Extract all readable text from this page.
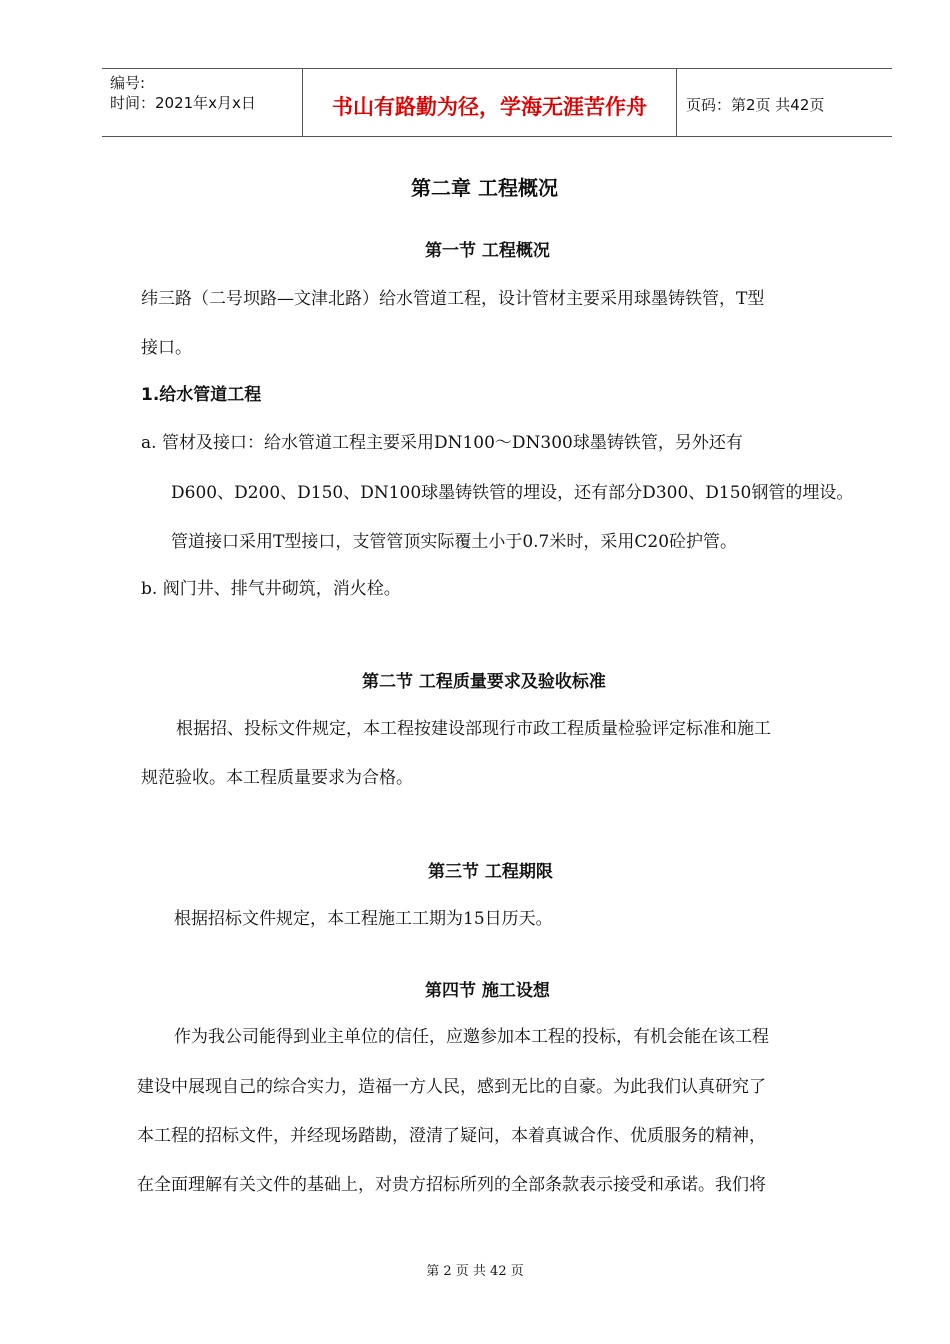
编号:
时间：2021年x月x日	书山有路勤为径，学海无涯苦作舟	页码：第2页 共42页
第二章 工程概况
第一节 工程概况
纬三路（二号坝路—文津北路）给水管道工程，设计管材主要采用球墨铸铁管，T型
接口。
1.给水管道工程
a. 管材及接口：给水管道工程主要采用DN100～DN300球墨铸铁管，另外还有
D600、D200、D150、DN100球墨铸铁管的埋设，还有部分D300、D150钢管的埋设。
管道接口采用T型接口，支管管顶实际覆土小于0.7米时，采用C20砼护管。
b. 阀门井、排气井砌筑，消火栓。
第二节 工程质量要求及验收标准
根据招、投标文件规定，本工程按建设部现行市政工程质量检验评定标准和施工
规范验收。本工程质量要求为合格。
第三节 工程期限
根据招标文件规定，本工程施工工期为15日历天。
第四节 施工设想
作为我公司能得到业主单位的信任，应邀参加本工程的投标，有机会能在该工程
建设中展现自己的综合实力，造福一方人民，感到无比的自豪。为此我们认真研究了
本工程的招标文件，并经现场踏勘，澄清了疑问，本着真诚合作、优质服务的精神，
在全面理解有关文件的基础上，对贵方招标所列的全部条款表示接受和承诺。我们将
第 2 页 共 42 页
